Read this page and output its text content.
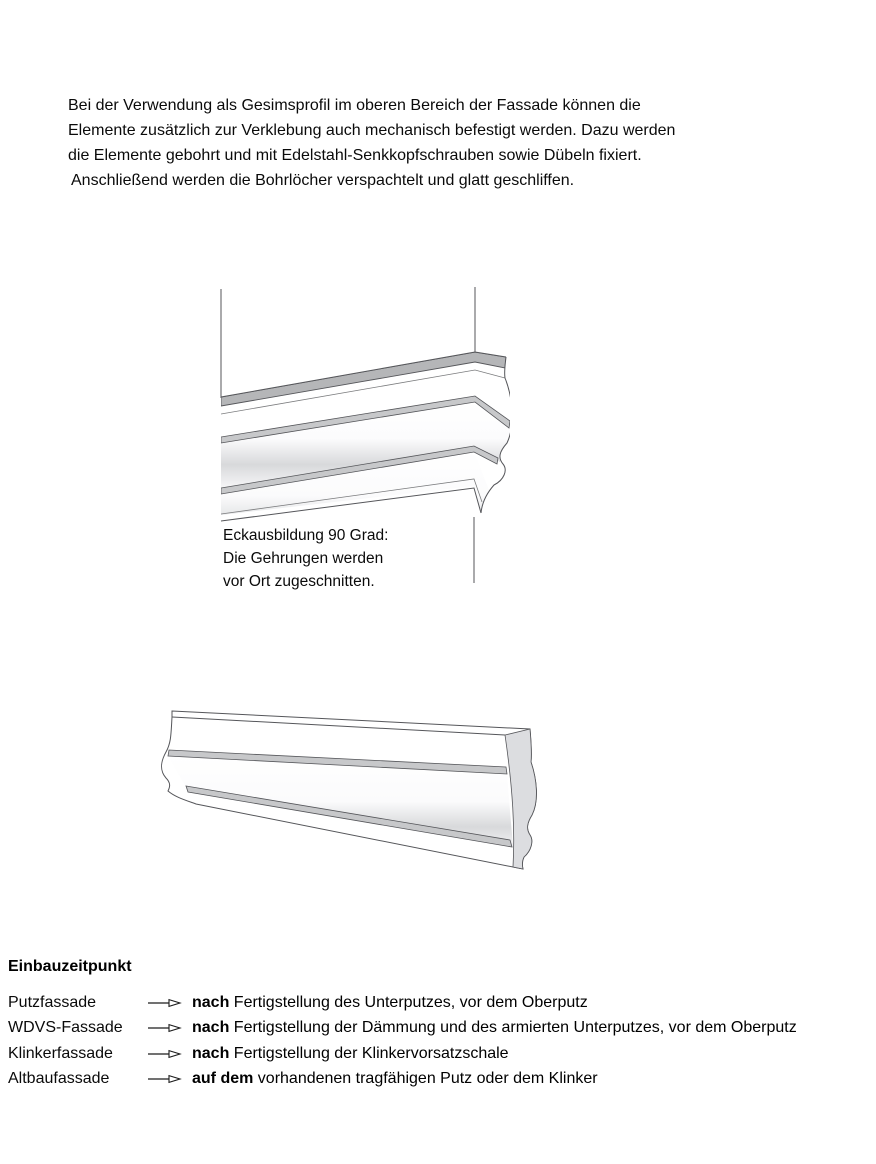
Bei der Verwendung als Gesimsprofil im oberen Bereich der Fassade können die
Elemente zusätzlich zur Verklebung auch mechanisch befestigt werden. Dazu werden
die Elemente gebohrt und mit Edelstahl-Senkkopfschrauben sowie Dübeln fixiert.
Anschließend werden die Bohrlöcher verspachtelt und glatt geschliffen.
Eckausbildung 90 Grad:
Die Gehrungen werden
vor Ort zugeschnitten.
Einbauzeitpunkt
Putzfassade	nach Fertigstellung des Unterputzes, vor dem Oberputz
WDVS-Fassade	nach Fertigstellung der Dämmung und des armierten Unterputzes, vor dem Oberputz
Klinkerfassade	nach Fertigstellung der Klinkervorsatzschale
Altbaufassade	auf dem vorhandenen tragfähigen Putz oder dem Klinker
